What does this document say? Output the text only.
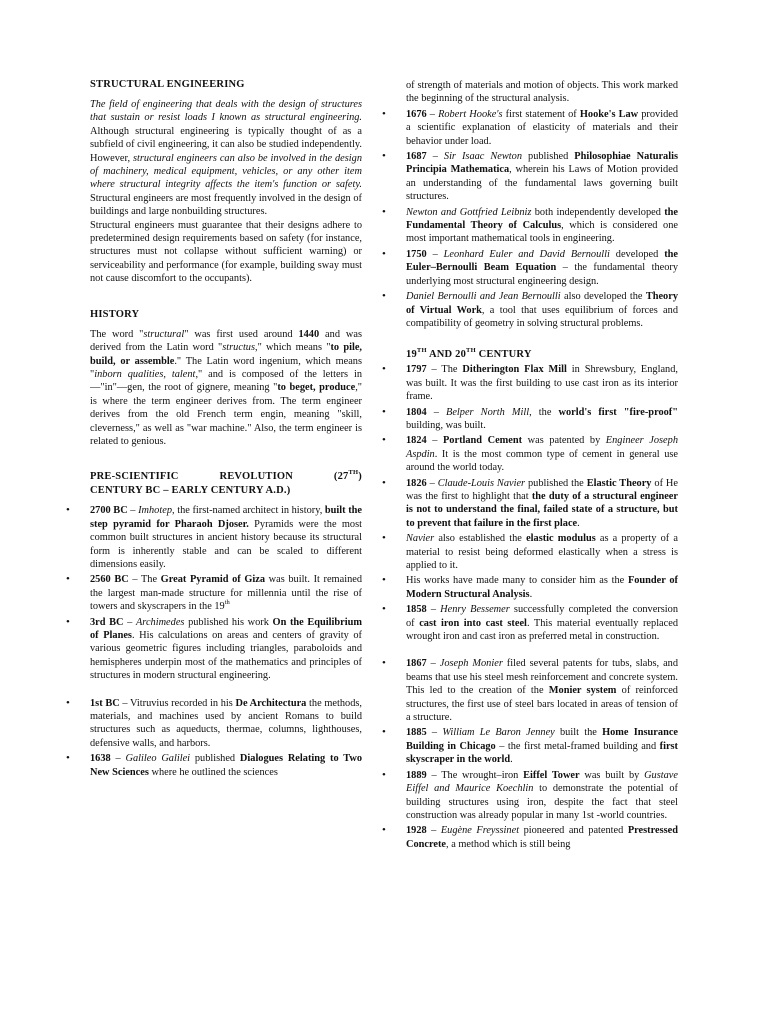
STRUCTURAL ENGINEERING

The field of engineering that deals with the design of structures that sustain or resist loads I known as structural engineering. Although structural engineering is typically thought of as a subfield of civil engineering, it can also be studied independently.

However, structural engineers can also be involved in the design of machinery, medical equipment, vehicles, or any other item where structural integrity affects the item's function or safety. Structural engineers are most frequently involved in the design of buildings and large nonbuilding structures.

Structural engineers must guarantee that their designs adhere to predetermined design requirements based on safety (for instance, structures must not collapse without sufficient warning) or serviceability and performance (for example, building sway must not cause discomfort to the occupants).

HISTORY

The word "structural" was first used around 1440 and was derived from the Latin word "structus," which means "to pile, build, or assemble." The Latin word ingenium, which means "inborn qualities, talent," and is composed of the letters in—"in"—gen, the root of gignere, meaning "to beget, produce," is where the term engineer derives from. The term engineer derives from the old French term engin, meaning "skill, cleverness," as well as "war machine." Also, the term engineer is related to genious.

PRE-SCIENTIFIC REVOLUTION (27TH)
CENTURY BC – EARLY CENTURY A.D.)
• 2700 BC – Imhotep, the first-named architect in history, built the step pyramid for Pharaoh Djoser. Pyramids were the most common built structures in ancient history because its structural form is inherently stable and can be scaled to different dimensions easily.
• 2560 BC – The Great Pyramid of Giza was built. It remained the largest man-made structure for millennia until the rise of towers and skyscrapers in the 19th
• 3rd BC – Archimedes published his work On the Equilibrium of Planes. His calculations on areas and centers of gravity of various geometric figures including triangles, paraboloids and hemispheres underpin most of the mathematics and principles of structures in modern structural engineering.
• 1st BC – Vitruvius recorded in his De Architectura the methods, materials, and machines used by ancient Romans to build structures such as aqueducts, thermae, columns, lighthouses, defensive walls, and harbors.
• 1638 – Galileo Galilei published Dialogues Relating to Two New Sciences where he outlined the sciences

of strength of materials and motion of objects. This work marked the beginning of the structural analysis.

• 1676 – Robert Hooke's first statement of Hooke's Law provided a scientific explanation of elasticity of materials and their behavior under load.
• 1687 – Sir Isaac Newton published Philosophiae Naturalis Principia Mathematica, wherein his Laws of Motion provided an understanding of the fundamental laws governing built structures.
• Newton and Gottfried Leibniz both independently developed the Fundamental Theory of Calculus, which is considered one most important mathematical tools in engineering.
• 1750 – Leonhard Euler and David Bernoulli developed the Euler–Bernoulli Beam Equation – the fundamental theory underlying most structural engineering design.
• Daniel Bernoulli and Jean Bernoulli also developed the Theory of Virtual Work, a tool that uses equilibrium of forces and compatibility of geometry in solving structural problems.
19TH AND 20TH CENTURY
• 1797 – The Ditherington Flax Mill in Shrewsbury, England, was built. It was the first building to use cast iron as its interior frame.
• 1804 – Belper North Mill, the world's first "fire-proof" building, was built.
• 1824 – Portland Cement was patented by Engineer Joseph Aspdin. It is the most common type of cement in general use around the world today.
• 1826 – Claude-Louis Navier published the Elastic Theory of He was the first to highlight that the duty of a structural engineer is not to understand the final, failed state of a structure, but to prevent that failure in the first place.
• Navier also established the elastic modulus as a property of a material to resist being deformed elastically when a stress is applied to it.
• His works have made many to consider him as the Founder of Modern Structural Analysis.
• 1858 – Henry Bessemer successfully completed the conversion of cast iron into cast steel. This material eventually replaced wrought iron and cast iron as preferred metal in construction.
• 1867 – Joseph Monier filed several patents for tubs, slabs, and beams that use his steel mesh reinforcement and concrete system. This led to the creation of the Monier system of reinforced structures, the first use of steel bars located in areas of tension of a structure.
• 1885 – William Le Baron Jenney built the Home Insurance Building in Chicago – the first metal-framed building and first skyscraper in the world.
• 1889 – The wrought–iron Eiffel Tower was built by Gustave Eiffel and Maurice Koechlin to demonstrate the potential of building structures using iron, despite the fact that steel construction was already popular in many 1st -world countries.
• 1928 – Eugène Freyssinet pioneered and patented Prestressed Concrete, a method which is still being
